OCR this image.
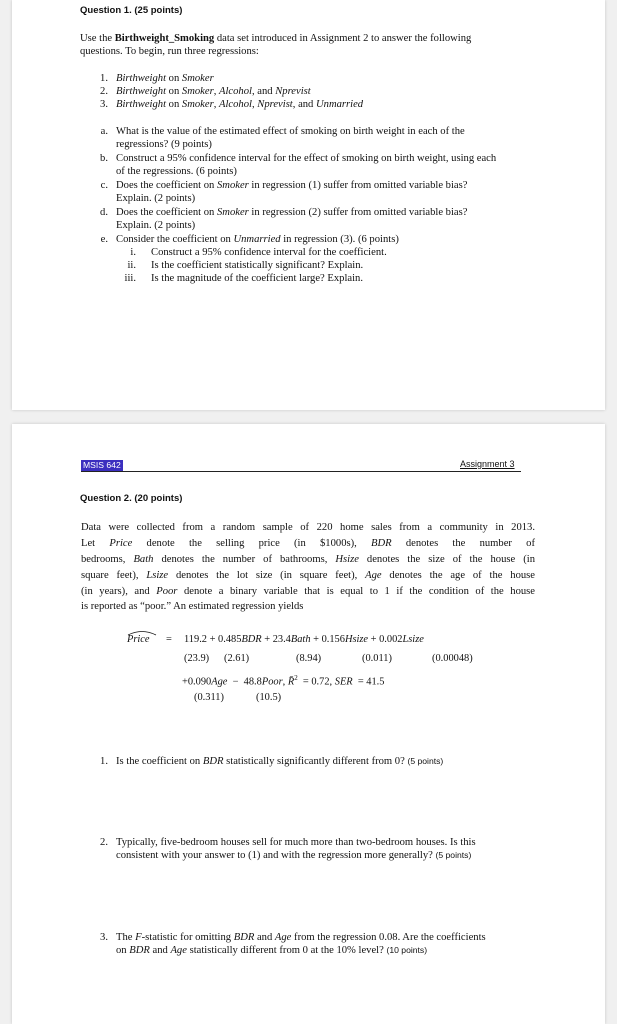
Question 1. (25 points)

Use the Birthweight_Smoking data set introduced in Assignment 2 to answer the following

questions. To begin, run three regressions:

1. Birthweight on Smoker
2. Birthweight on Smoker, Alcohol, and Nprevist
3. Birthweight on Smoker, Alcohol, Nprevist, and Unmarried
a. What is the value of the estimated effect of smoking on birth weight in each of the
regressions? (9 points)
b. Construct a 95% confidence interval for the effect of smoking on birth weight, using each
of the regressions. (6 points)
c. Does the coefficient on Smoker in regression (1) suffer from omitted variable bias?
Explain. (2 points)
d. Does the coefficient on Smoker in regression (2) suffer from omitted variable bias?
Explain. (2 points)
e. Consider the coefficient on Unmarried in regression (3). (6 points)
i. Construct a 95% confidence interval for the coefficient.
ii. Is the coefficient statistically significant? Explain.
iii. Is the magnitude of the coefficient large? Explain.
MSIS 642	Assignment 3
Question 2. (20 points)

Data were collected from a random sample of 220 home sales from a community in 2013.

Let Price denote the selling price (in $1000s), BDR denotes the number of

bedrooms, Bath denotes the number of bathrooms, Hsize denotes the size of the house (in

square feet), Lsize denotes the lot size (in square feet), Age denotes the age of the house

(in years), and Poor denote a binary variable that is equal to 1 if the condition of the house

is reported as “poor.” An estimated regression yields

Price = 119.2 + 0.485BDR + 23.4Bath + 0.156Hsize + 0.002Lsize
(23.9) (2.61)	(8.94)	(0.011)	(0.00048)
+0.090Age  −  48.8Poor, R̄$^2$  = 0.72, SER  = 41.5
(0.311)	(10.5)
1. Is the coefficient on BDR statistically significantly different from 0? (5 points)
2. Typically, five-bedroom houses sell for much more than two-bedroom houses. Is this
consistent with your answer to (1) and with the regression more generally? (5 points)
3. The F-statistic for omitting BDR and Age from the regression 0.08. Are the coefficients
on BDR and Age statistically different from 0 at the 10% level? (10 points)
